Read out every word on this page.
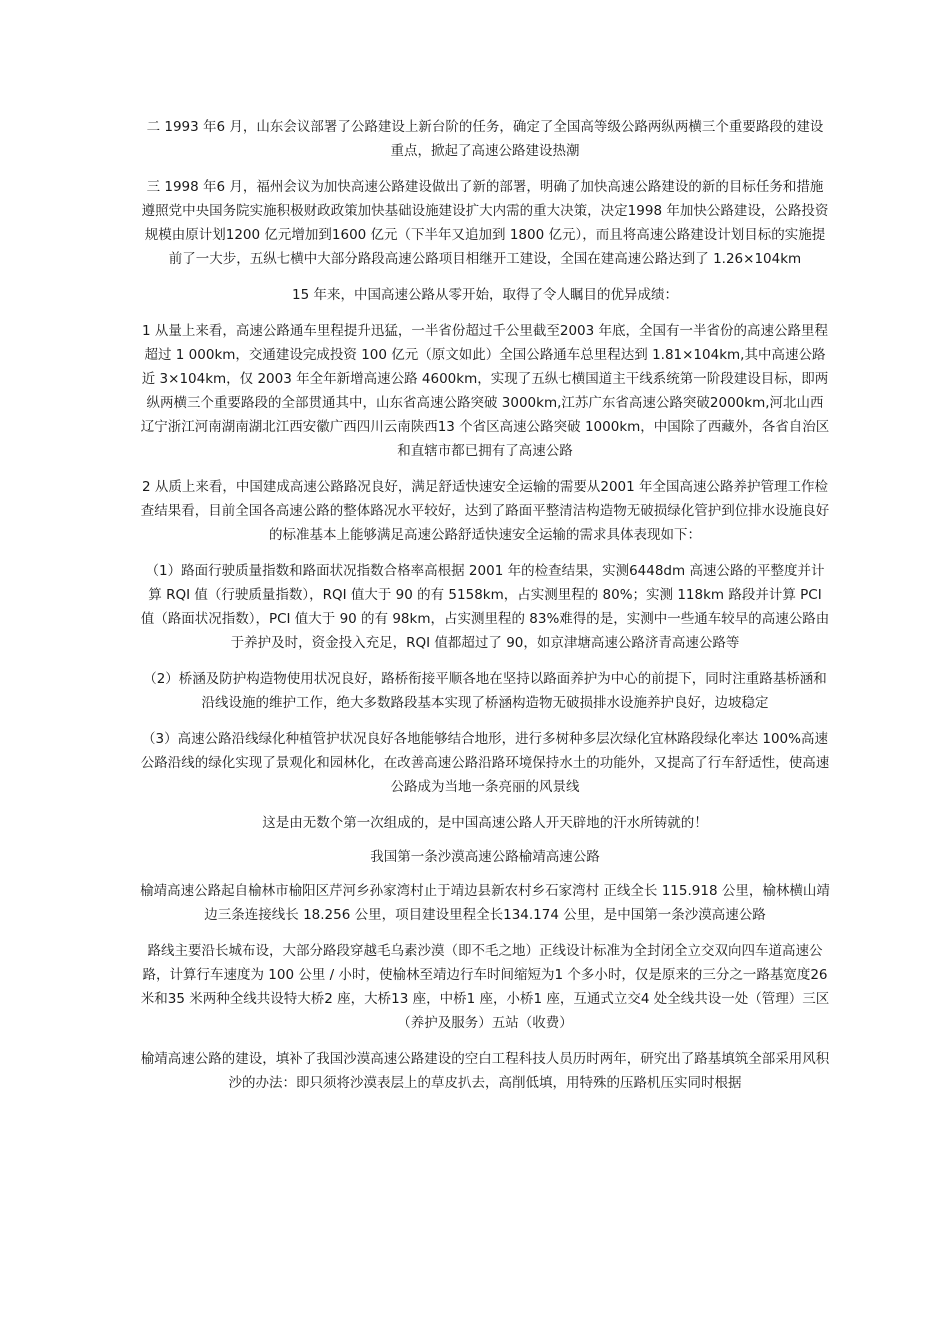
二 1993 年6 月，山东会议部署了公路建设上新台阶的任务，确定了全国高等级公路两纵两横三个重要路段的建设重点，掀起了高速公路建设热潮

三 1998 年6 月，福州会议为加快高速公路建设做出了新的部署，明确了加快高速公路建设的新的目标任务和措施遵照党中央国务院实施积极财政政策加快基础设施建设扩大内需的重大决策，决定1998 年加快公路建设，公路投资规模由原计划1200 亿元增加到1600 亿元（下半年又追加到 1800 亿元），而且将高速公路建设计划目标的实施提前了一大步，五纵七横中大部分路段高速公路项目相继开工建设，全国在建高速公路达到了 1.26×104km

15 年来，中国高速公路从零开始，取得了令人瞩目的优异成绩：

1 从量上来看，高速公路通车里程提升迅猛，一半省份超过千公里截至2003 年底，全国有一半省份的高速公路里程超过 1 000km，交通建设完成投资 100 亿元（原文如此）全国公路通车总里程达到 1.81×104km,其中高速公路近 3×104km，仅 2003 年全年新增高速公路 4600km，实现了五纵七横国道主干线系统第一阶段建设目标，即两纵两横三个重要路段的全部贯通其中，山东省高速公路突破 3000km,江苏广东省高速公路突破2000km,河北山西辽宁浙江河南湖南湖北江西安徽广西四川云南陕西13 个省区高速公路突破 1000km，中国除了西藏外，各省自治区和直辖市都已拥有了高速公路

2 从质上来看，中国建成高速公路路况良好，满足舒适快速安全运输的需要从2001 年全国高速公路养护管理工作检查结果看，目前全国各高速公路的整体路况水平较好，达到了路面平整清洁构造物无破损绿化管护到位排水设施良好的标准基本上能够满足高速公路舒适快速安全运输的需求具体表现如下：

（1）路面行驶质量指数和路面状况指数合格率高根据 2001 年的检查结果，实测6448dm 高速公路的平整度并计算 RQI 值（行驶质量指数），RQI 值大于 90 的有 5158km，占实测里程的 80%；实测 118km 路段并计算 PCI 值（路面状况指数），PCI 值大于 90 的有 98km，占实测里程的 83%难得的是，实测中一些通车较早的高速公路由于养护及时，资金投入充足，RQI 值都超过了 90，如京津塘高速公路济青高速公路等

（2）桥涵及防护构造物使用状况良好，路桥衔接平顺各地在坚持以路面养护为中心的前提下，同时注重路基桥涵和沿线设施的维护工作，绝大多数路段基本实现了桥涵构造物无破损排水设施养护良好，边坡稳定

（3）高速公路沿线绿化种植管护状况良好各地能够结合地形，进行多树种多层次绿化宜林路段绿化率达 100%高速公路沿线的绿化实现了景观化和园林化，在改善高速公路沿路环境保持水土的功能外，又提高了行车舒适性，使高速公路成为当地一条亮丽的风景线

这是由无数个第一次组成的，是中国高速公路人开天辟地的汗水所铸就的！

我国第一条沙漠高速公路榆靖高速公路

榆靖高速公路起自榆林市榆阳区芹河乡孙家湾村止于靖边县新农村乡石家湾村 正线全长 115.918 公里，榆林横山靖边三条连接线长 18.256 公里，项目建设里程全长134.174 公里，是中国第一条沙漠高速公路

路线主要沿长城布设，大部分路段穿越毛乌素沙漠（即不毛之地）正线设计标准为全封闭全立交双向四车道高速公路，计算行车速度为 100 公里 / 小时，使榆林至靖边行车时间缩短为1 个多小时，仅是原来的三分之一路基宽度26 米和35 米两种全线共设特大桥2 座，大桥13 座，中桥1 座，小桥1 座，互通式立交4 处全线共设一处（管理）三区（养护及服务）五站（收费）

榆靖高速公路的建设，填补了我国沙漠高速公路建设的空白工程科技人员历时两年，研究出了路基填筑全部采用风积沙的办法：即只须将沙漠表层上的草皮扒去，高削低填，用特殊的压路机压实同时根据
